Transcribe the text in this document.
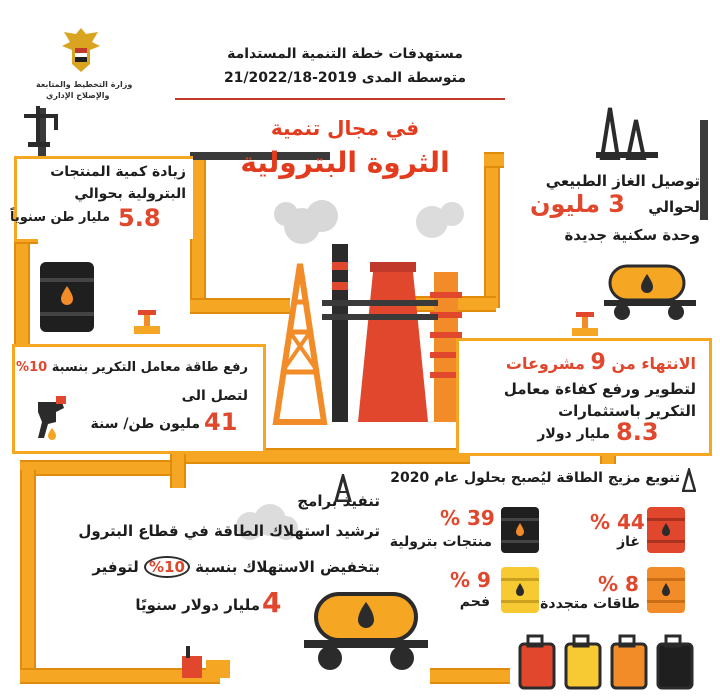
وزارة التخطيط والمتابعة
والإصلاح الإداري
مستهدفات خطة التنمية المستدامة
متوسطة المدى 2019-21/2022/18
في مجال تنمية
الثروة البترولية
زيادة كمية المنتجات
البترولية بحوالي
مليار طن سنوياً 5.8
توصيل الغاز الطبيعي
لحوالي
3 مليون
وحدة سكنية جديدة
رفع طاقة معامل التكرير بنسبة 10%
لتصل الى
مليون طن/ سنة 41
الانتهاء من 9 مشروعات
لتطوير ورفع كفاءة معامل
التكرير باستثمارات
8.3
مليار دولار
تنفيذ برامج
ترشيد استهلاك الطاقة في قطاع البترول
بتخفيض الاستهلاك بنسبة 10% لتوفير
مليار دولار سنويًا 4
تنويع مزيج الطاقة ليُصبح بحلول عام 2020
% 44
غاز
% 39
منتجات بترولية
% 8
طاقات متجددة
% 9
فحم
